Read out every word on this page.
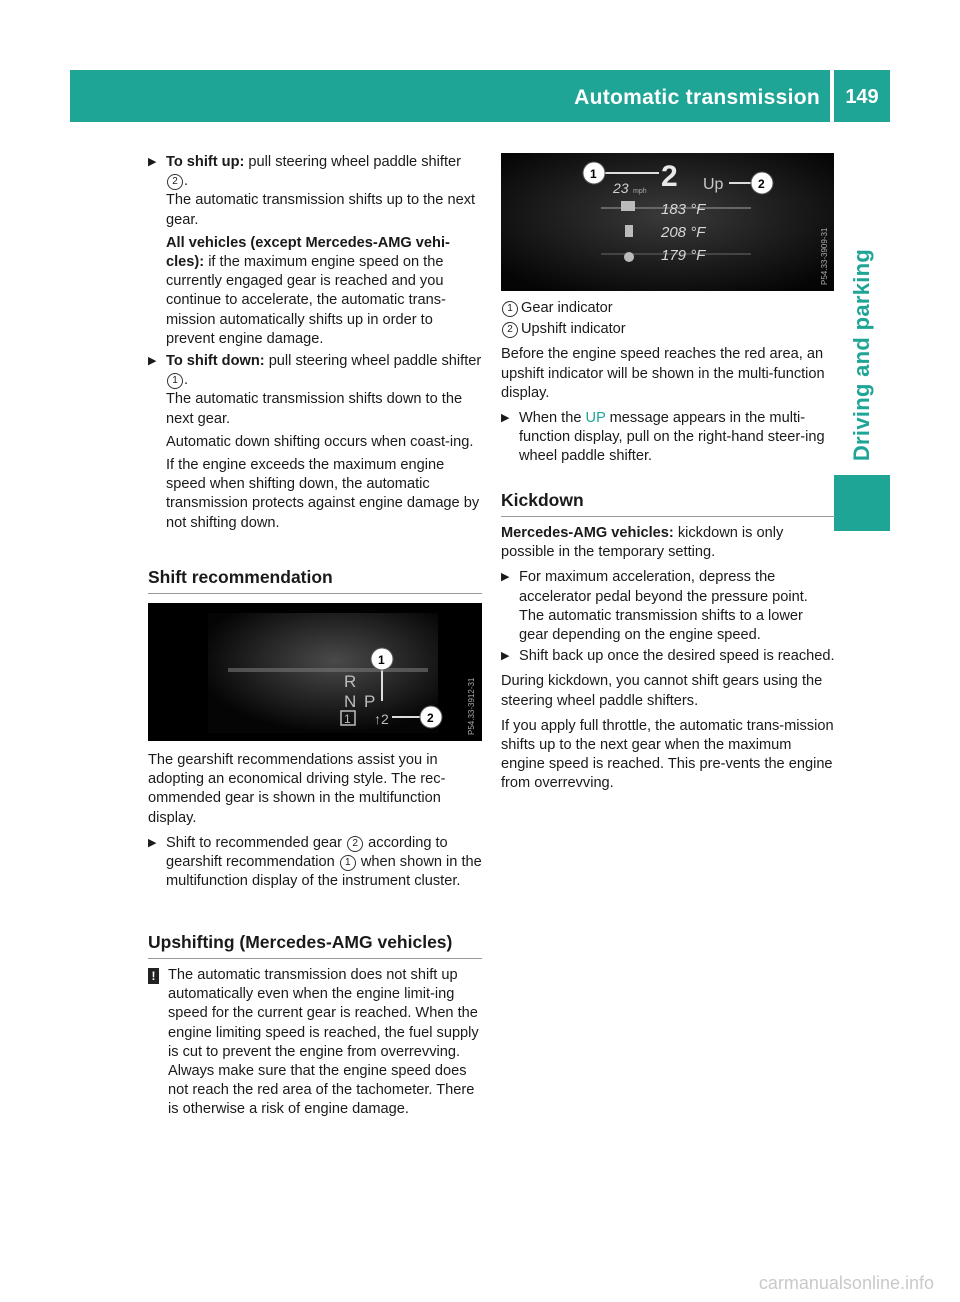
Automatic transmission	149
Driving and parking
▶ To shift up: pull steering wheel paddle shifter 2 .
The automatic transmission shifts up to the next gear.
All vehicles (except Mercedes-AMG vehi-cles): if the maximum engine speed on the currently engaged gear is reached and you continue to accelerate, the automatic trans-mission automatically shifts up in order to prevent engine damage.
▶ To shift down: pull steering wheel paddle shifter 1 .
The automatic transmission shifts down to the next gear.
Automatic down shifting occurs when coast-ing.
If the engine exceeds the maximum engine speed when shifting down, the automatic transmission protects against engine damage by not shifting down.
Shift recommendation
R
N P
1 ↑2
1
2	P54.33-3912-31

The gearshift recommendations assist you in adopting an economical driving style. The rec-ommended gear is shown in the multifunction display.

▶ Shift to recommended gear 2 according to gearshift recommendation 1 when shown in the multifunction display of the instrument cluster.
Upshifting (Mercedes-AMG vehicles)
! The automatic transmission does not shift up automatically even when the engine limit-ing speed for the current gear is reached. When the engine limiting speed is reached, the fuel supply is cut to prevent the engine from overrevving. Always make sure that the engine speed does not reach the red area of the tachometer. There is otherwise a risk of engine damage.
2
23 mph	Up
183 °F
208 °F
179 °F
1
2
P54.33-3909-31
1 Gear indicator
2 Upshift indicator

Before the engine speed reaches the red area, an upshift indicator will be shown in the multi-function display.

▶ When the UP message appears in the multi-function display, pull on the right-hand steer-ing wheel paddle shifter.
Kickdown

Mercedes-AMG vehicles: kickdown is only possible in the temporary setting.

▶ For maximum acceleration, depress the accelerator pedal beyond the pressure point.
The automatic transmission shifts to a lower gear depending on the engine speed.
▶ Shift back up once the desired speed is reached.

During kickdown, you cannot shift gears using the steering wheel paddle shifters.

If you apply full throttle, the automatic trans-mission shifts up to the next gear when the maximum engine speed is reached. This pre-vents the engine from overrevving.

carmanualsonline.info
